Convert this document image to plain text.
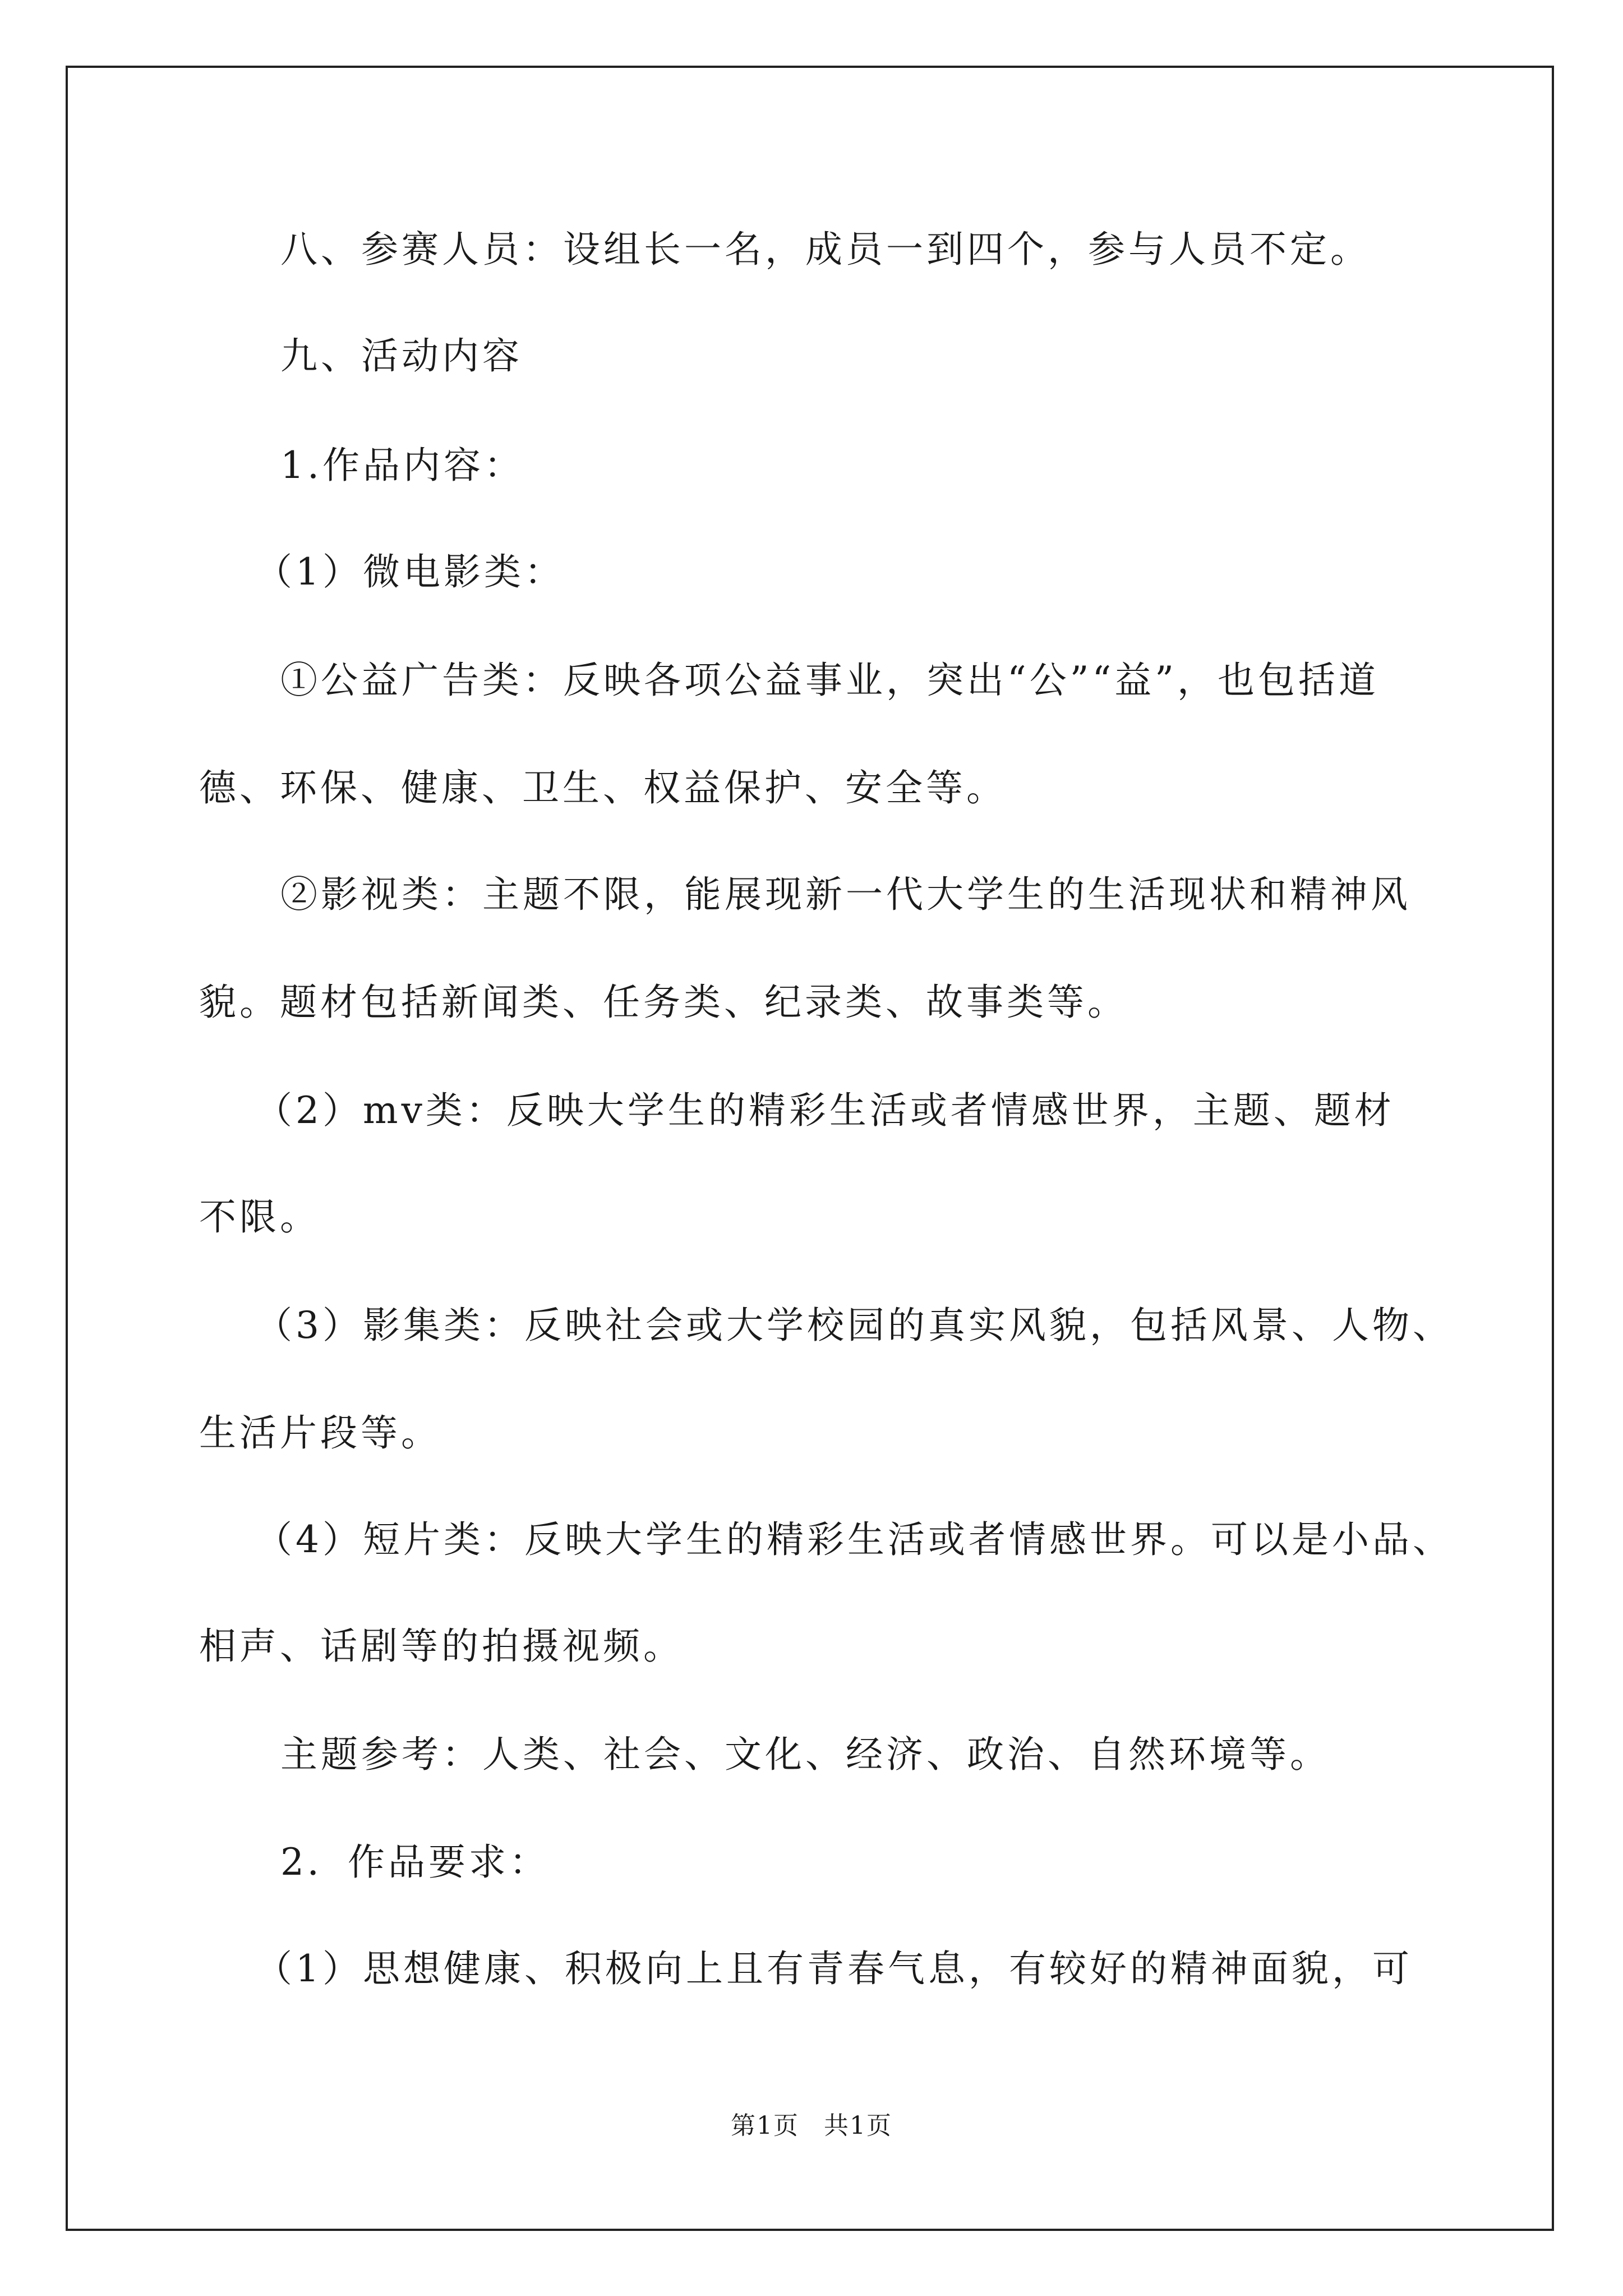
八、参赛人员：设组长一名，成员一到四个，参与人员不定。
九、活动内容
1.作品内容：
（1）微电影类：
①公益广告类：反映各项公益事业，突出“公”“益”，也包括道
德、环保、健康、卫生、权益保护、安全等。
②影视类：主题不限，能展现新一代大学生的生活现状和精神风
貌。题材包括新闻类、任务类、纪录类、故事类等。
（2）mv类：反映大学生的精彩生活或者情感世界，主题、题材
不限。
（3）影集类：反映社会或大学校园的真实风貌，包括风景、人物、
生活片段等。
（4）短片类：反映大学生的精彩生活或者情感世界。可以是小品、
相声、话剧等的拍摄视频。
主题参考：人类、社会、文化、经济、政治、自然环境等。
2．作品要求：
（1）思想健康、积极向上且有青春气息，有较好的精神面貌，可
第1页 共1页
